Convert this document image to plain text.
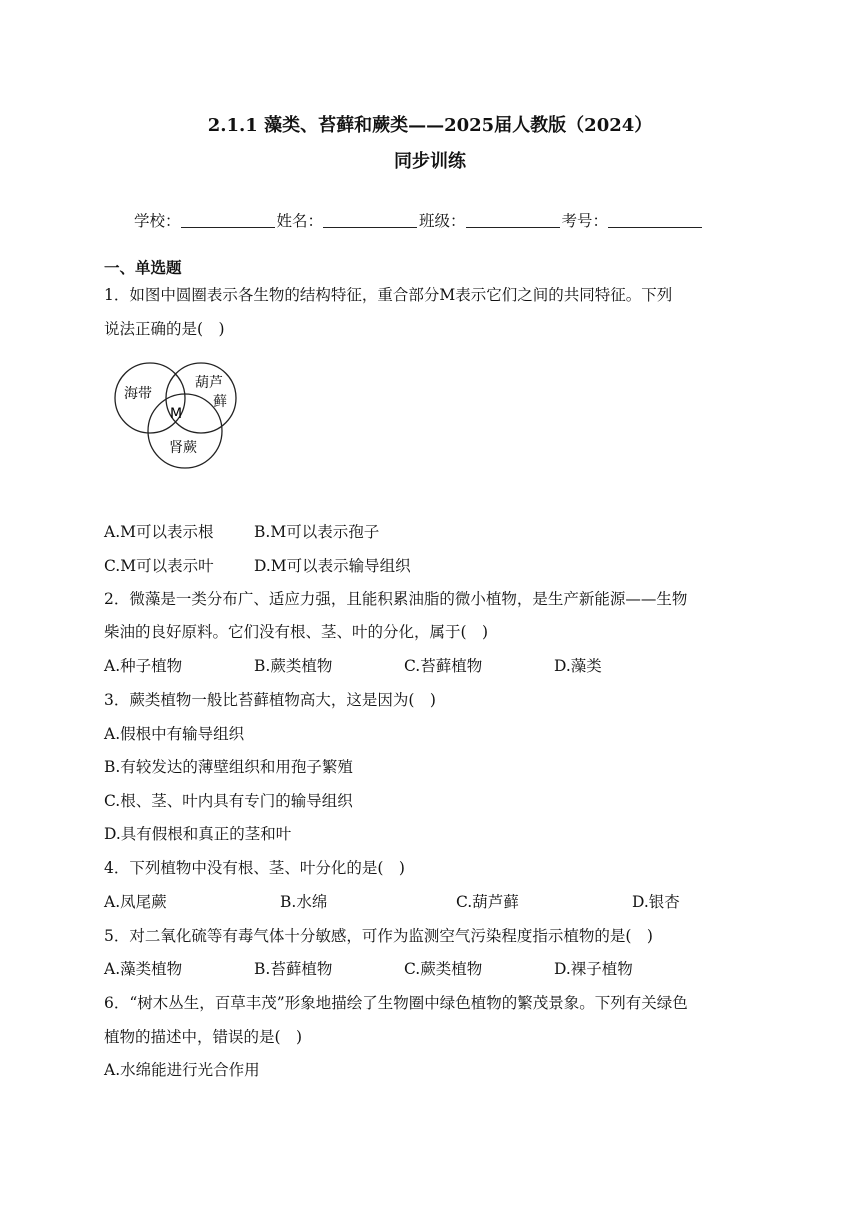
2.1.1 藻类、苔藓和蕨类——2025届人教版（2024）
同步训练
学校：	姓名：	班级：	考号：
一、单选题
1．如图中圆圈表示各生物的结构特征，重合部分M表示它们之间的共同特征。下列
说法正确的是(　)
海带
葫芦
藓
肾蕨
M
A.M可以表示根	B.M可以表示孢子
C.M可以表示叶	D.M可以表示输导组织
2．微藻是一类分布广、适应力强，且能积累油脂的微小植物，是生产新能源——生物
柴油的良好原料。它们没有根、茎、叶的分化，属于(　)
A.种子植物	B.蕨类植物	C.苔藓植物	D.藻类
3．蕨类植物一般比苔藓植物高大，这是因为(　)
A.假根中有输导组织
B.有较发达的薄壁组织和用孢子繁殖
C.根、茎、叶内具有专门的输导组织
D.具有假根和真正的茎和叶
4．下列植物中没有根、茎、叶分化的是(　)
A.凤尾蕨	B.水绵	C.葫芦藓	D.银杏
5．对二氧化硫等有毒气体十分敏感，可作为监测空气污染程度指示植物的是(　)
A.藻类植物	B.苔藓植物	C.蕨类植物	D.裸子植物
6．“树木丛生，百草丰茂”形象地描绘了生物圈中绿色植物的繁茂景象。下列有关绿色
植物的描述中，错误的是(　)
A.水绵能进行光合作用
